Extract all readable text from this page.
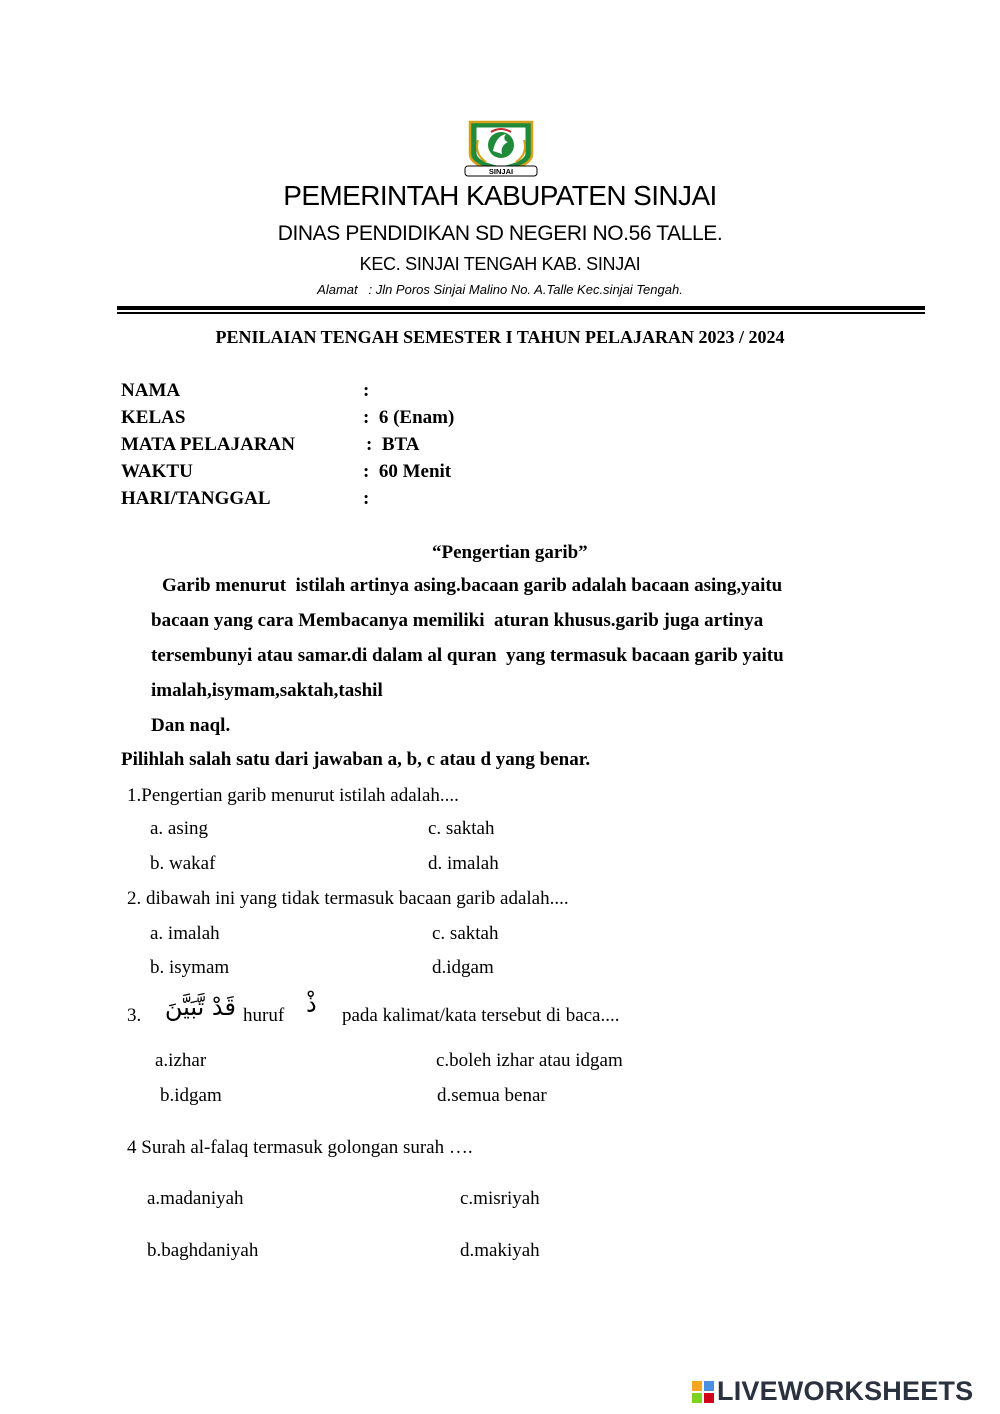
SINJAI
PEMERINTAH KABUPATEN SINJAI
DINAS PENDIDIKAN SD NEGERI NO.56 TALLE.
KEC. SINJAI TENGAH KAB. SINJAI
Alamat   : Jln Poros Sinjai Malino No. A.Talle Kec.sinjai Tengah.
PENILAIAN TENGAH SEMESTER I TAHUN PELAJARAN 2023 / 2024
NAMA	:
KELAS	:  6 (Enam)
MATA PELAJARAN	:  BTA
WAKTU	:  60 Menit
HARI/TANGGAL	:
“Pengertian garib”
Garib menurut  istilah artinya asing.bacaan garib adalah bacaan asing,yaitu
bacaan yang cara Membacanya memiliki  aturan khusus.garib juga artinya
tersembunyi atau samar.di dalam al quran  yang termasuk bacaan garib yaitu
imalah,isymam,saktah,tashil
Dan naql.
Pilihlah salah satu dari jawaban a, b, c atau d yang benar.
1.Pengertian garib menurut istilah adalah....
a. asing	c. saktah
b. wakaf	d. imalah
2. dibawah ini yang tidak termasuk bacaan garib adalah....
a. imalah	c. saktah
b. isymam	d.idgam
3. قَدْ تَّبَيَّنَ huruf ذْ pada kalimat/kata tersebut di baca....
a.izhar	c.boleh izhar atau idgam
b.idgam	d.semua benar
4 Surah al-falaq termasuk golongan surah ….
a.madaniyah	c.misriyah
b.baghdaniyah	d.makiyah
LIVEWORKSHEETS
